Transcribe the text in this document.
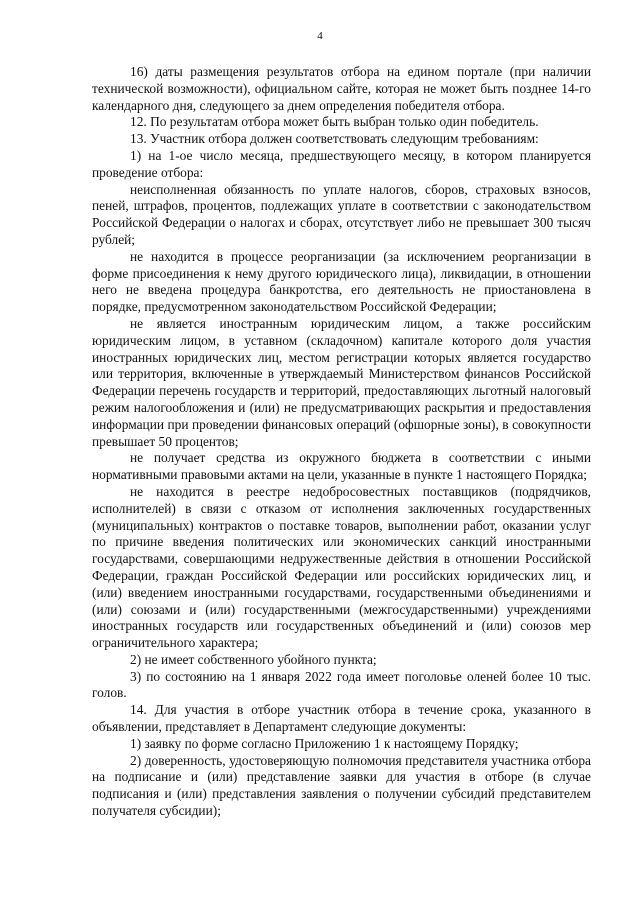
4

16) даты размещения результатов отбора на едином портале (при наличии технической возможности), официальном сайте, которая не может быть позднее 14-го календарного дня, следующего за днем определения победителя отбора.

12. По результатам отбора может быть выбран только один победитель.

13. Участник отбора должен соответствовать следующим требованиям:

1) на 1-ое число месяца, предшествующего месяцу, в котором планируется проведение отбора:

неисполненная обязанность по уплате налогов, сборов, страховых взносов, пеней, штрафов, процентов, подлежащих уплате в соответствии с законодательством Российской Федерации о налогах и сборах, отсутствует либо не превышает 300 тысяч рублей;

не находится в процессе реорганизации (за исключением реорганизации в форме присоединения к нему другого юридического лица), ликвидации, в отношении него не введена процедура банкротства, его деятельность не приостановлена в порядке, предусмотренном законодательством Российской Федерации;

не является иностранным юридическим лицом, а также российским юридическим лицом, в уставном (складочном) капитале которого доля участия иностранных юридических лиц, местом регистрации которых является государство или территория, включенные в утверждаемый Министерством финансов Российской Федерации перечень государств и территорий, предоставляющих льготный налоговый режим налогообложения и (или) не предусматривающих раскрытия и предоставления информации при проведении финансовых операций (офшорные зоны), в совокупности превышает 50 процентов;

не получает средства из окружного бюджета в соответствии с иными нормативными правовыми актами на цели, указанные в пункте 1 настоящего Порядка;

не находится в реестре недобросовестных поставщиков (подрядчиков, исполнителей) в связи с отказом от исполнения заключенных государственных (муниципальных) контрактов о поставке товаров, выполнении работ, оказании услуг по причине введения политических или экономических санкций иностранными государствами, совершающими недружественные действия в отношении Российской Федерации, граждан Российской Федерации или российских юридических лиц, и (или) введением иностранными государствами, государственными объединениями и (или) союзами и (или) государственными (межгосударственными) учреждениями иностранных государств или государственных объединений и (или) союзов мер ограничительного характера;

2) не имеет собственного убойного пункта;

3) по состоянию на 1 января 2022 года имеет поголовье оленей более 10 тыс. голов.

14. Для участия в отборе участник отбора в течение срока, указанного в объявлении, представляет в Департамент следующие документы:

1) заявку по форме согласно Приложению 1 к настоящему Порядку;

2) доверенность, удостоверяющую полномочия представителя участника отбора на подписание и (или) представление заявки для участия в отборе (в случае подписания и (или) представления заявления о получении субсидий представителем получателя субсидии);
